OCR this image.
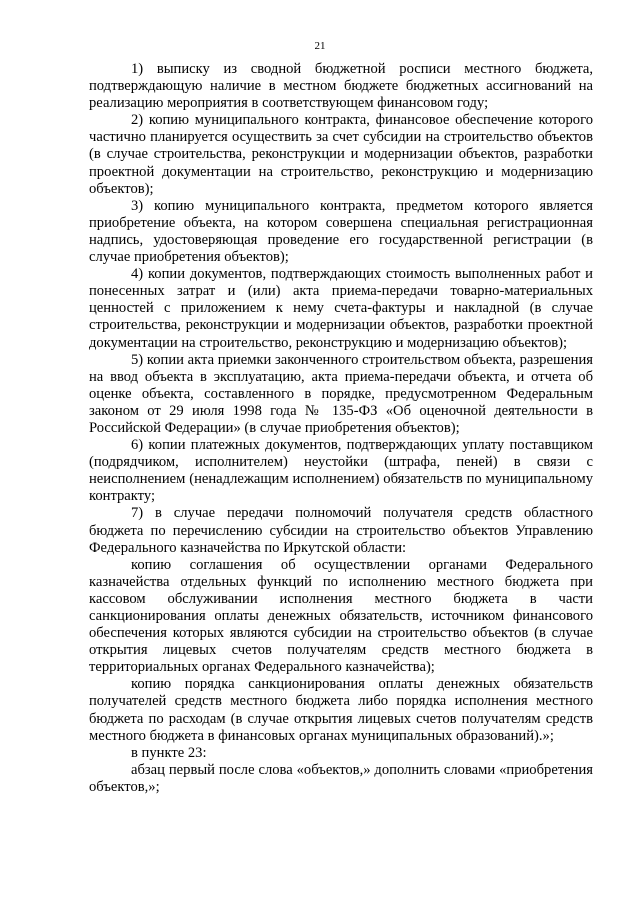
21

1) выписку из сводной бюджетной росписи местного бюджета, подтверждающую наличие в местном бюджете бюджетных ассигнований на реализацию мероприятия в соответствующем финансовом году;

2) копию муниципального контракта, финансовое обеспечение которого частично планируется осуществить за счет субсидии на строительство объектов (в случае строительства, реконструкции и модернизации объектов, разработки проектной документации на строительство, реконструкцию и модернизацию объектов);

3) копию муниципального контракта, предметом которого является приобретение объекта, на котором совершена специальная регистрационная надпись, удостоверяющая проведение его государственной регистрации (в случае приобретения объектов);

4) копии документов, подтверждающих стоимость выполненных работ и понесенных затрат и (или) акта приема-передачи товарно-материальных ценностей с приложением к нему счета-фактуры и накладной (в случае строительства, реконструкции и модернизации объектов, разработки проектной документации на строительство, реконструкцию и модернизацию объектов);

5) копии акта приемки законченного строительством объекта, разрешения на ввод объекта в эксплуатацию, акта приема-передачи объекта, и отчета об оценке объекта, составленного в порядке, предусмотренном Федеральным законом от 29 июля 1998 года № 135-ФЗ «Об оценочной деятельности в Российской Федерации» (в случае приобретения объектов);

6) копии платежных документов, подтверждающих уплату поставщиком (подрядчиком, исполнителем) неустойки (штрафа, пеней) в связи с неисполнением (ненадлежащим исполнением) обязательств по муниципальному контракту;

7) в случае передачи полномочий получателя средств областного бюджета по перечислению субсидии на строительство объектов Управлению Федерального казначейства по Иркутской области:

копию соглашения об осуществлении органами Федерального казначейства отдельных функций по исполнению местного бюджета при кассовом обслуживании исполнения местного бюджета в части санкционирования оплаты денежных обязательств, источником финансового обеспечения которых являются субсидии на строительство объектов (в случае открытия лицевых счетов получателям средств местного бюджета в территориальных органах Федерального казначейства);

копию порядка санкционирования оплаты денежных обязательств получателей средств местного бюджета либо порядка исполнения местного бюджета по расходам (в случае открытия лицевых счетов получателям средств местного бюджета в финансовых органах муниципальных образований).»;

в пункте 23:

абзац первый после слова «объектов,» дополнить словами «приобретения объектов,»;
